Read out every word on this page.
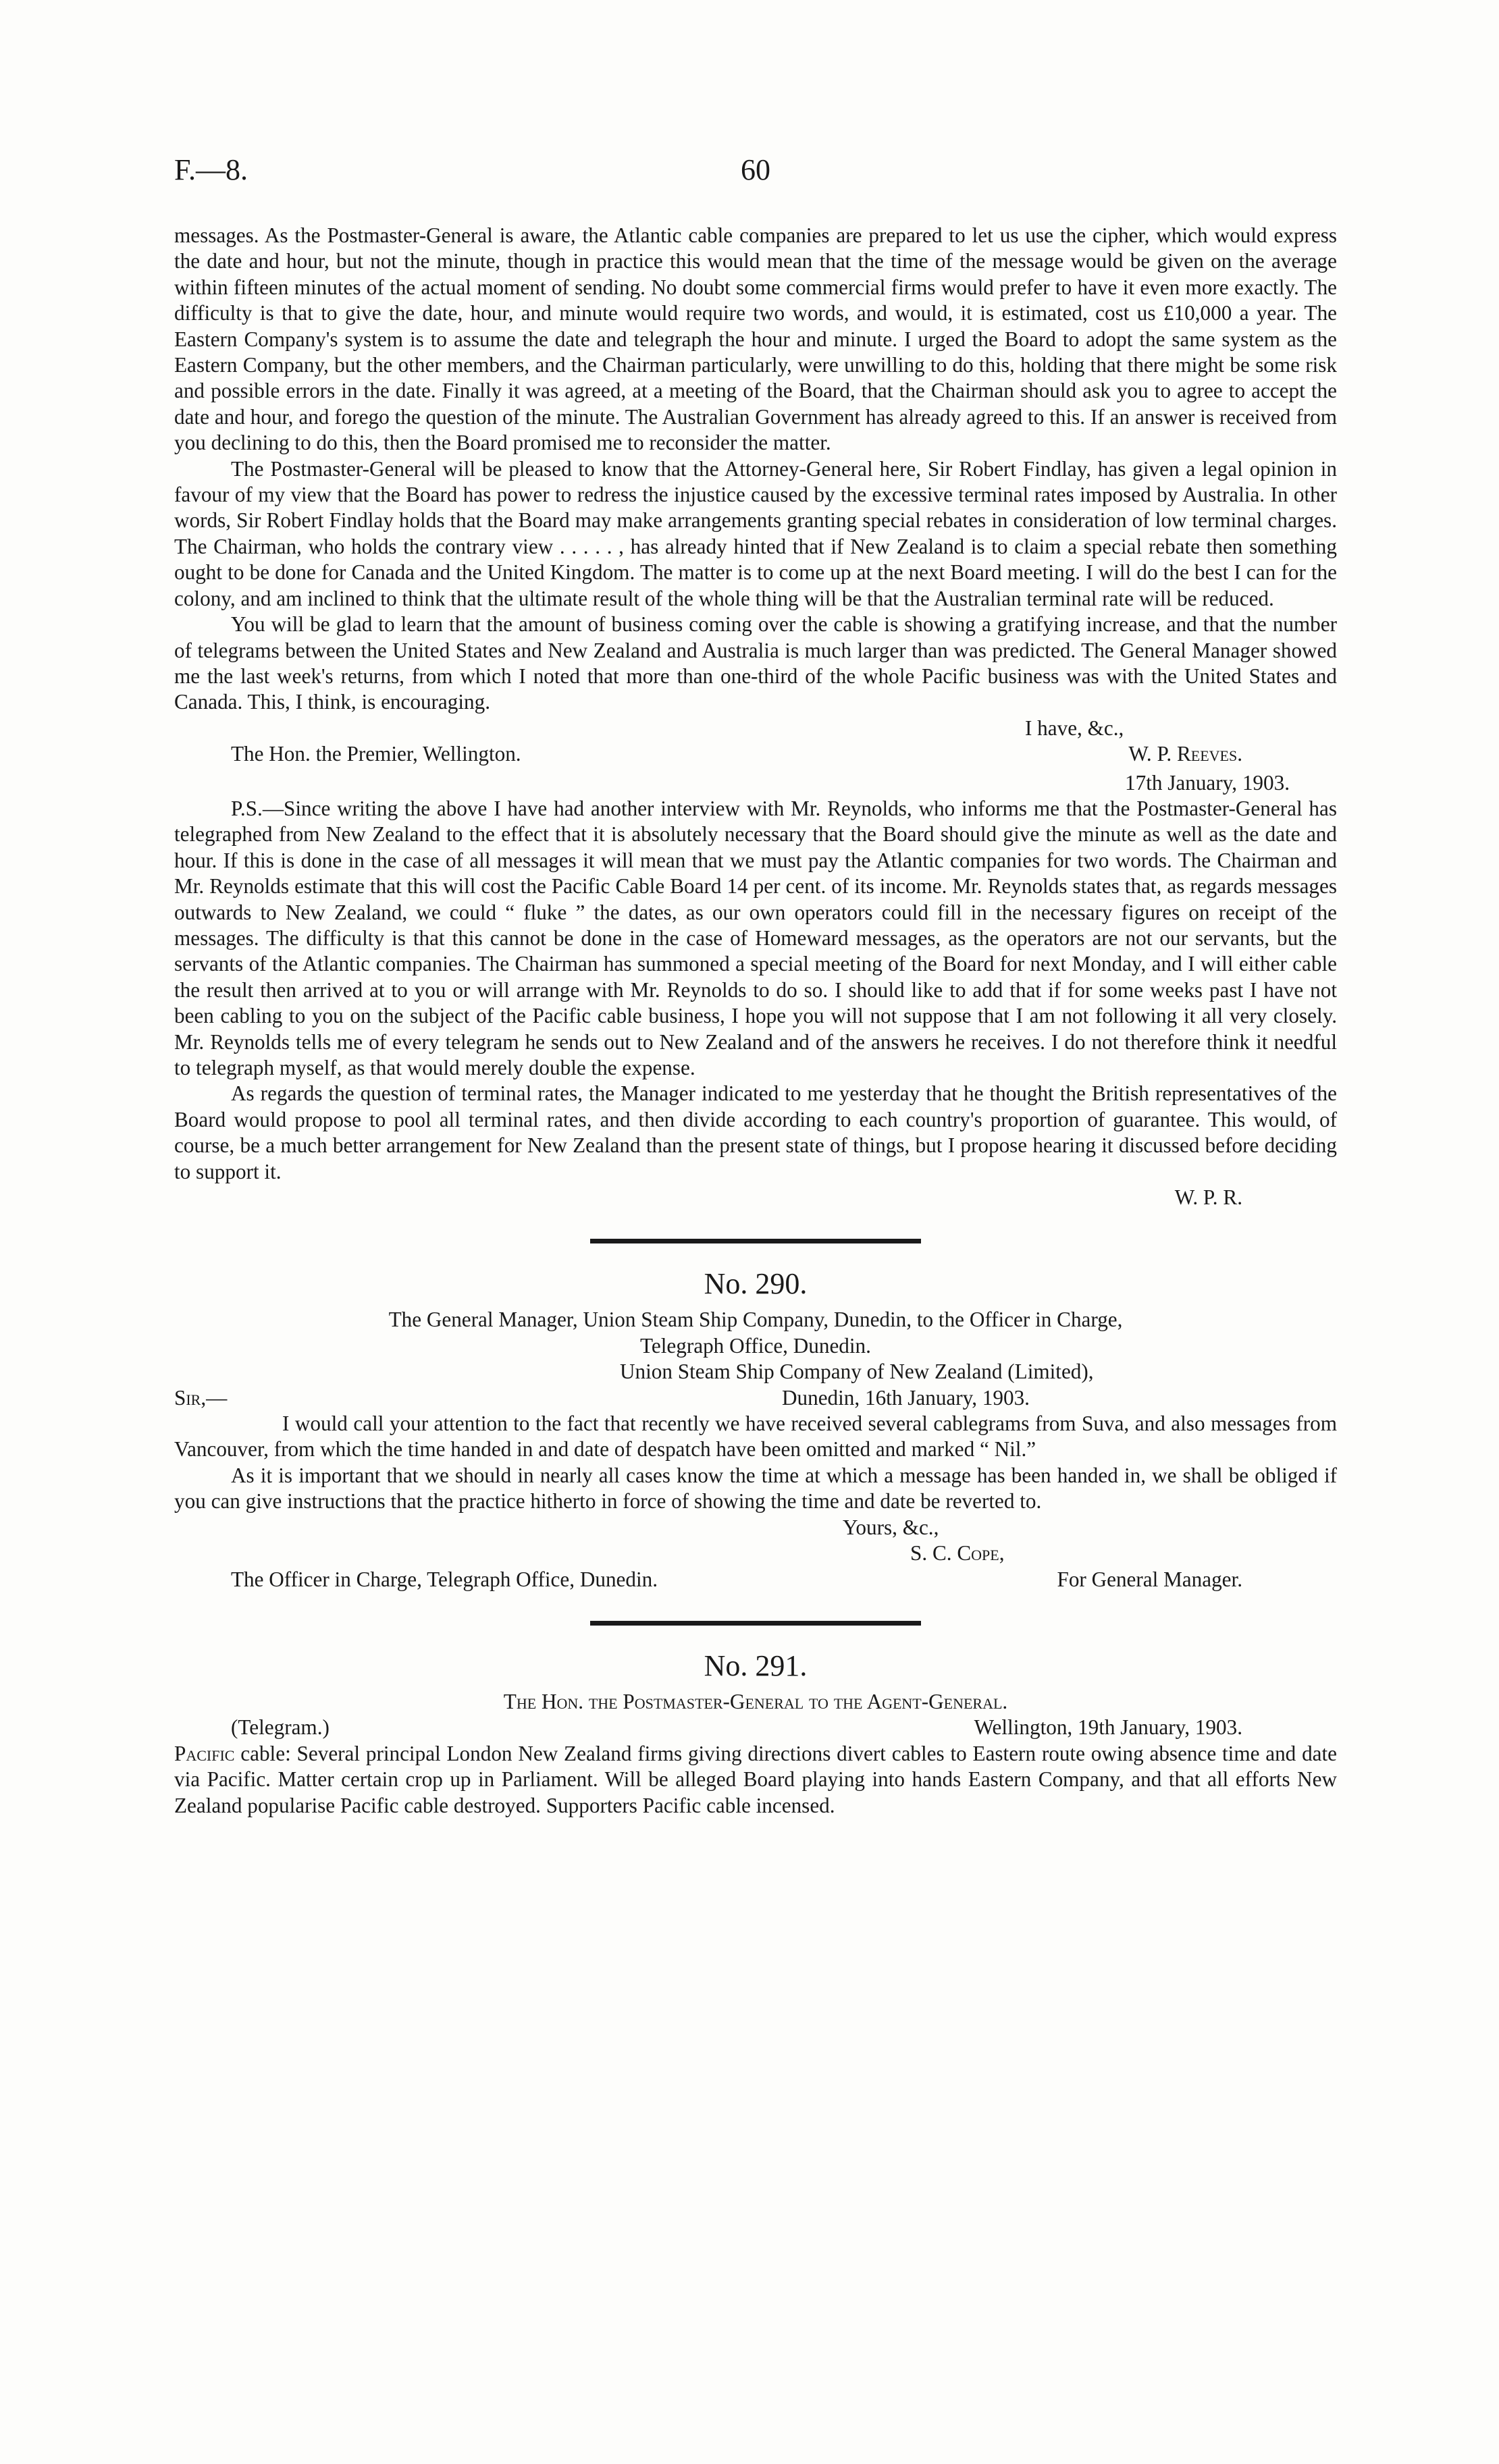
F.—8.	60

messages. As the Postmaster-General is aware, the Atlantic cable companies are prepared to let us use the cipher, which would express the date and hour, but not the minute, though in practice this would mean that the time of the message would be given on the average within fifteen minutes of the actual moment of sending. No doubt some commercial firms would prefer to have it even more exactly. The difficulty is that to give the date, hour, and minute would require two words, and would, it is estimated, cost us £10,000 a year. The Eastern Company's system is to assume the date and telegraph the hour and minute. I urged the Board to adopt the same system as the Eastern Company, but the other members, and the Chairman particularly, were unwilling to do this, holding that there might be some risk and possible errors in the date. Finally it was agreed, at a meeting of the Board, that the Chairman should ask you to agree to accept the date and hour, and forego the question of the minute. The Australian Government has already agreed to this. If an answer is received from you declining to do this, then the Board promised me to reconsider the matter.

The Postmaster-General will be pleased to know that the Attorney-General here, Sir Robert Findlay, has given a legal opinion in favour of my view that the Board has power to redress the injustice caused by the excessive terminal rates imposed by Australia. In other words, Sir Robert Findlay holds that the Board may make arrangements granting special rebates in consideration of low terminal charges. The Chairman, who holds the contrary view . . . . . , has already hinted that if New Zealand is to claim a special rebate then something ought to be done for Canada and the United Kingdom. The matter is to come up at the next Board meeting. I will do the best I can for the colony, and am inclined to think that the ultimate result of the whole thing will be that the Australian terminal rate will be reduced.

You will be glad to learn that the amount of business coming over the cable is showing a gratifying increase, and that the number of telegrams between the United States and New Zealand and Australia is much larger than was predicted. The General Manager showed me the last week's returns, from which I noted that more than one-third of the whole Pacific business was with the United States and Canada. This, I think, is encouraging.

I have, &c.,
The Hon. the Premier, Wellington.	W. P. Reeves.
17th January, 1903.

P.S.—Since writing the above I have had another interview with Mr. Reynolds, who informs me that the Postmaster-General has telegraphed from New Zealand to the effect that it is absolutely necessary that the Board should give the minute as well as the date and hour. If this is done in the case of all messages it will mean that we must pay the Atlantic companies for two words. The Chairman and Mr. Reynolds estimate that this will cost the Pacific Cable Board 14 per cent. of its income. Mr. Reynolds states that, as regards messages outwards to New Zealand, we could “ fluke ” the dates, as our own operators could fill in the necessary figures on receipt of the messages. The difficulty is that this cannot be done in the case of Homeward messages, as the operators are not our servants, but the servants of the Atlantic companies. The Chairman has summoned a special meeting of the Board for next Monday, and I will either cable the result then arrived at to you or will arrange with Mr. Reynolds to do so. I should like to add that if for some weeks past I have not been cabling to you on the subject of the Pacific cable business, I hope you will not suppose that I am not following it all very closely. Mr. Reynolds tells me of every telegram he sends out to New Zealand and of the answers he receives. I do not therefore think it needful to telegraph myself, as that would merely double the expense.

As regards the question of terminal rates, the Manager indicated to me yesterday that he thought the British representatives of the Board would propose to pool all terminal rates, and then divide according to each country's proportion of guarantee. This would, of course, be a much better arrangement for New Zealand than the present state of things, but I propose hearing it discussed before deciding to support it.

W. P. R.
No. 290.
The General Manager, Union Steam Ship Company, Dunedin, to the Officer in Charge,
Telegraph Office, Dunedin.
Union Steam Ship Company of New Zealand (Limited),
Sir,—	Dunedin, 16th January, 1903.

I would call your attention to the fact that recently we have received several cablegrams from Suva, and also messages from Vancouver, from which the time handed in and date of despatch have been omitted and marked “ Nil.”

As it is important that we should in nearly all cases know the time at which a message has been handed in, we shall be obliged if you can give instructions that the practice hitherto in force of showing the time and date be reverted to.

Yours, &c.,
S. C. Cope,
The Officer in Charge, Telegraph Office, Dunedin.	For General Manager.
No. 291.
The Hon. the Postmaster-General to the Agent-General.
(Telegram.)	Wellington, 19th January, 1903.

Pacific cable: Several principal London New Zealand firms giving directions divert cables to Eastern route owing absence time and date via Pacific. Matter certain crop up in Parliament. Will be alleged Board playing into hands Eastern Company, and that all efforts New Zealand popularise Pacific cable destroyed. Supporters Pacific cable incensed.
